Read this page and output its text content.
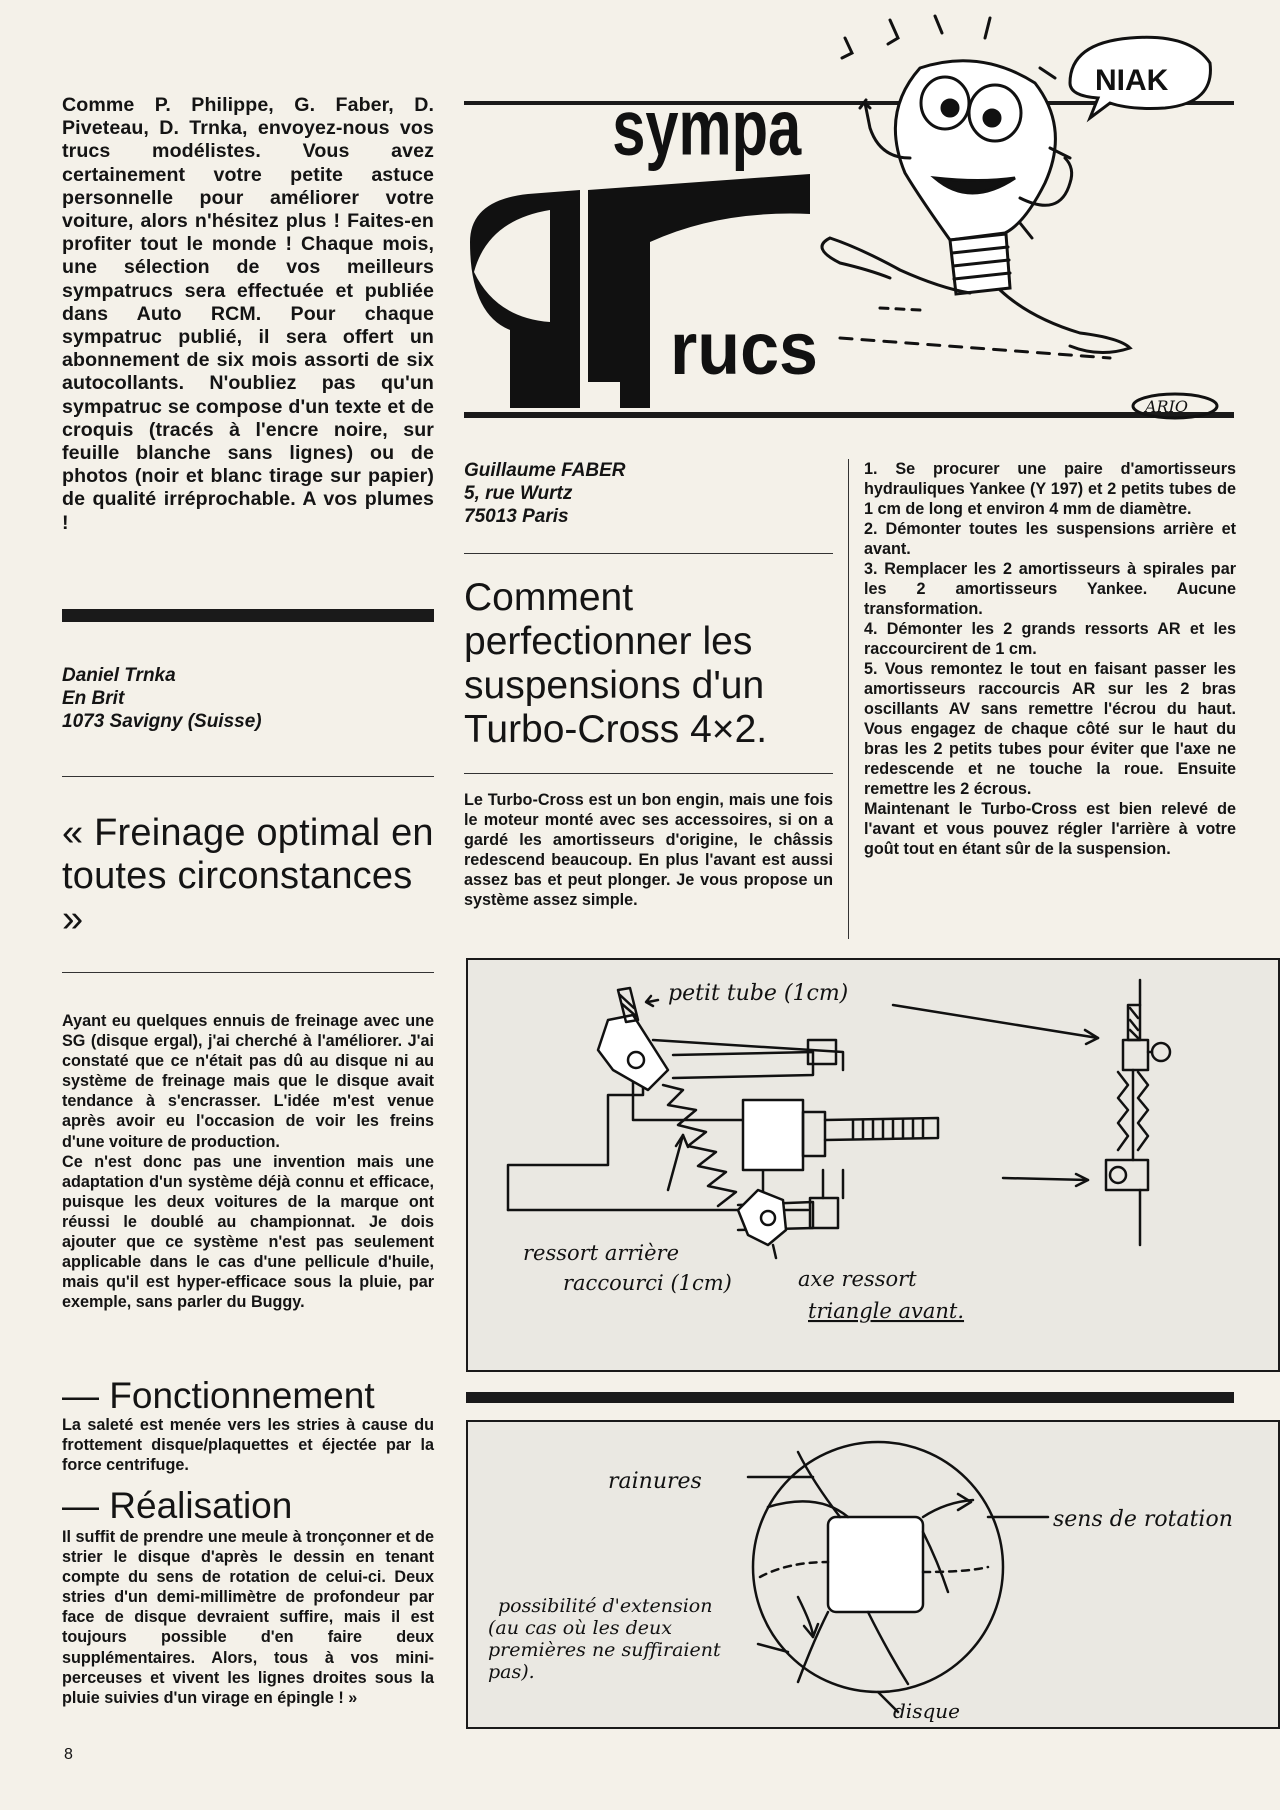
Comme P. Philippe, G. Faber, D. Piveteau, D. Trnka, envoyez-nous vos trucs modélistes. Vous avez certainement votre petite astuce personnelle pour améliorer votre voiture, alors n'hésitez plus ! Faites-en profiter tout le monde ! Chaque mois, une sélection de vos meilleurs sympatrucs sera effectuée et publiée dans Auto RCM. Pour chaque sympatruc publié, il sera offert un abonnement de six mois assorti de six autocollants. N'oubliez pas qu'un sympatruc se compose d'un texte et de croquis (tracés à l'encre noire, sur feuille blanche sans lignes) ou de photos (noir et blanc tirage sur papier) de qualité irréprochable. A vos plumes !
Daniel Trnka
En Brit
1073 Savigny (Suisse)
« Freinage optimal en toutes circonstances »

Ayant eu quelques ennuis de freinage avec une SG (disque ergal), j'ai cherché à l'améliorer. J'ai constaté que ce n'était pas dû au disque ni au système de freinage mais que le disque avait tendance à s'encrasser. L'idée m'est venue après avoir eu l'occasion de voir les freins d'une voiture de production.

Ce n'est donc pas une invention mais une adaptation d'un système déjà connu et efficace, puisque les deux voitures de la marque ont réussi le doublé au championnat. Je dois ajouter que ce système n'est pas seulement applicable dans le cas d'une pellicule d'huile, mais qu'il est hyper-efficace sous la pluie, par exemple, sans parler du Buggy.

— Fonctionnement
La saleté est menée vers les stries à cause du frottement disque/plaquettes et éjectée par la force centrifuge.
— Réalisation
Il suffit de prendre une meule à tronçonner et de strier le disque d'après le dessin en tenant compte du sens de rotation de celui-ci. Deux stries d'un demi-millimètre de profondeur par face de disque devraient suffire, mais il est toujours possible d'en faire deux supplémentaires. Alors, tous à vos mini-perceuses et vivent les lignes droites sous la pluie suivies d'un virage en épingle ! »
8
sympa
rucs
NIAK
ARIO
Guillaume FABER
5, rue Wurtz
75013 Paris
Comment perfectionner les suspensions d'un Turbo-Cross 4×2.
Le Turbo-Cross est un bon engin, mais une fois le moteur monté avec ses accessoires, si on a gardé les amortisseurs d'origine, le châssis redescend beaucoup. En plus l'avant est aussi assez bas et peut plonger. Je vous propose un système assez simple.

1. Se procurer une paire d'amortisseurs hydrauliques Yankee (Y 197) et 2 petits tubes de 1 cm de long et environ 4 mm de diamètre.

2. Démonter toutes les suspensions arrière et avant.

3. Remplacer les 2 amortisseurs à spirales par les 2 amortisseurs Yankee. Aucune transformation.

4. Démonter les 2 grands ressorts AR et les raccourcirent de 1 cm.

5. Vous remontez le tout en faisant passer les amortisseurs raccourcis AR sur les 2 bras oscillants AV sans remettre l'écrou du haut. Vous engagez de chaque côté sur le haut du bras les 2 petits tubes pour éviter que l'axe ne redescende et ne touche la roue. Ensuite remettre les 2 écrous.

Maintenant le Turbo-Cross est bien relevé de l'avant et vous pouvez régler l'arrière à votre goût tout en étant sûr de la suspension.

petit tube (1cm)
ressort arrière
raccourci (1cm)	axe ressort
triangle avant.
rainures
sens de rotation
possibilité d'extension
(au cas où les deux
premières ne suffiraient
pas).
disque
